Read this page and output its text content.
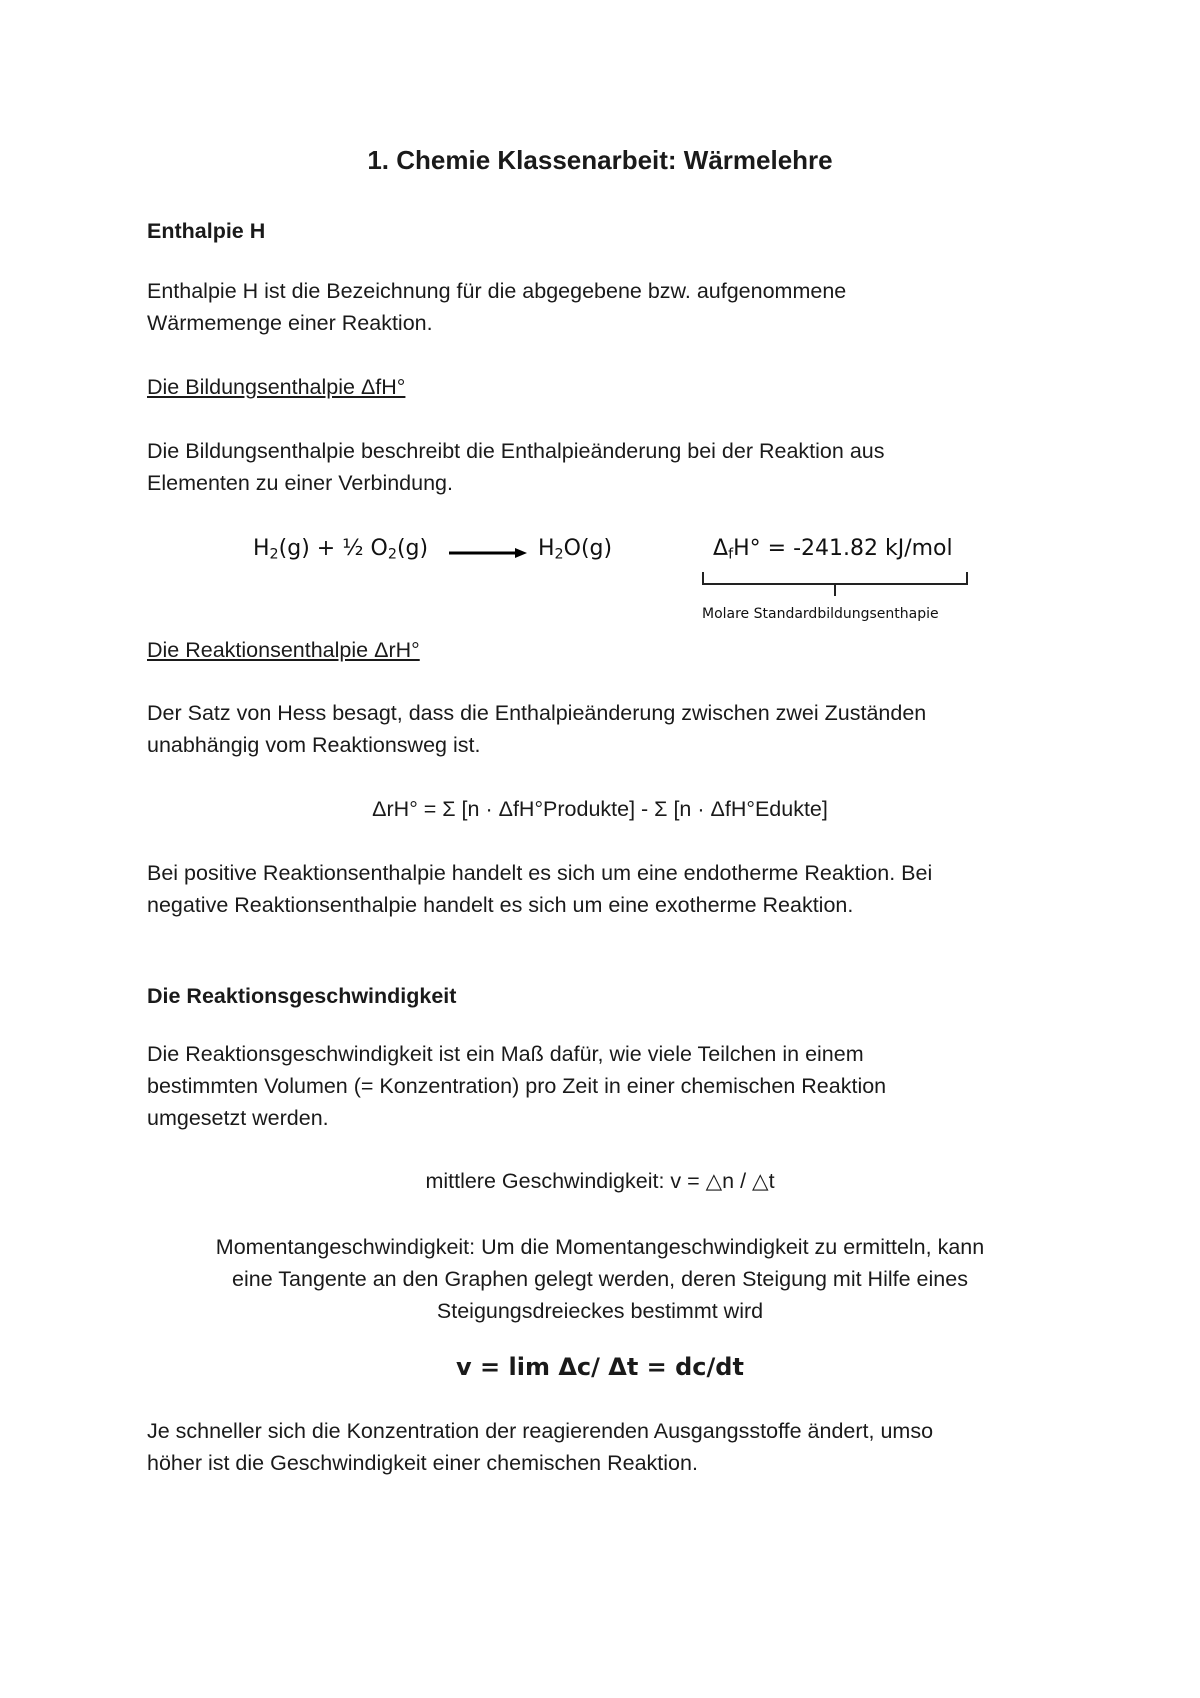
1. Chemie Klassenarbeit: Wärmelehre
Enthalpie H
Enthalpie H ist die Bezeichnung für die abgegebene bzw. aufgenommene
Wärmemenge einer Reaktion.
Die Bildungsenthalpie ΔfH°
Die Bildungsenthalpie beschreibt die Enthalpieänderung bei der Reaktion aus
Elementen zu einer Verbindung.
$H_2(g)$ + ½ $O_2(g)$	$H_2O(g)$	$\Delta_fH^\circ = -241.82$ kJ/mol
Molare Standardbildungsenthapie
Die Reaktionsenthalpie ΔrH°
Der Satz von Hess besagt, dass die Enthalpieänderung zwischen zwei Zuständen
unabhängig vom Reaktionsweg ist.
ΔrH° = Σ [n · ΔfH°Produkte] - Σ [n · ΔfH°Edukte]
Bei positive Reaktionsenthalpie handelt es sich um eine endotherme Reaktion. Bei
negative Reaktionsenthalpie handelt es sich um eine exotherme Reaktion.
Die Reaktionsgeschwindigkeit
Die Reaktionsgeschwindigkeit ist ein Maß dafür, wie viele Teilchen in einem
bestimmten Volumen (= Konzentration) pro Zeit in einer chemischen Reaktion
umgesetzt werden.
mittlere Geschwindigkeit: v = △n / △t
Momentangeschwindigkeit: Um die Momentangeschwindigkeit zu ermitteln, kann
eine Tangente an den Graphen gelegt werden, deren Steigung mit Hilfe eines
Steigungsdreieckes bestimmt wird
v = lim Δc/ Δt = dc/dt
Je schneller sich die Konzentration der reagierenden Ausgangsstoffe ändert, umso
höher ist die Geschwindigkeit einer chemischen Reaktion.
